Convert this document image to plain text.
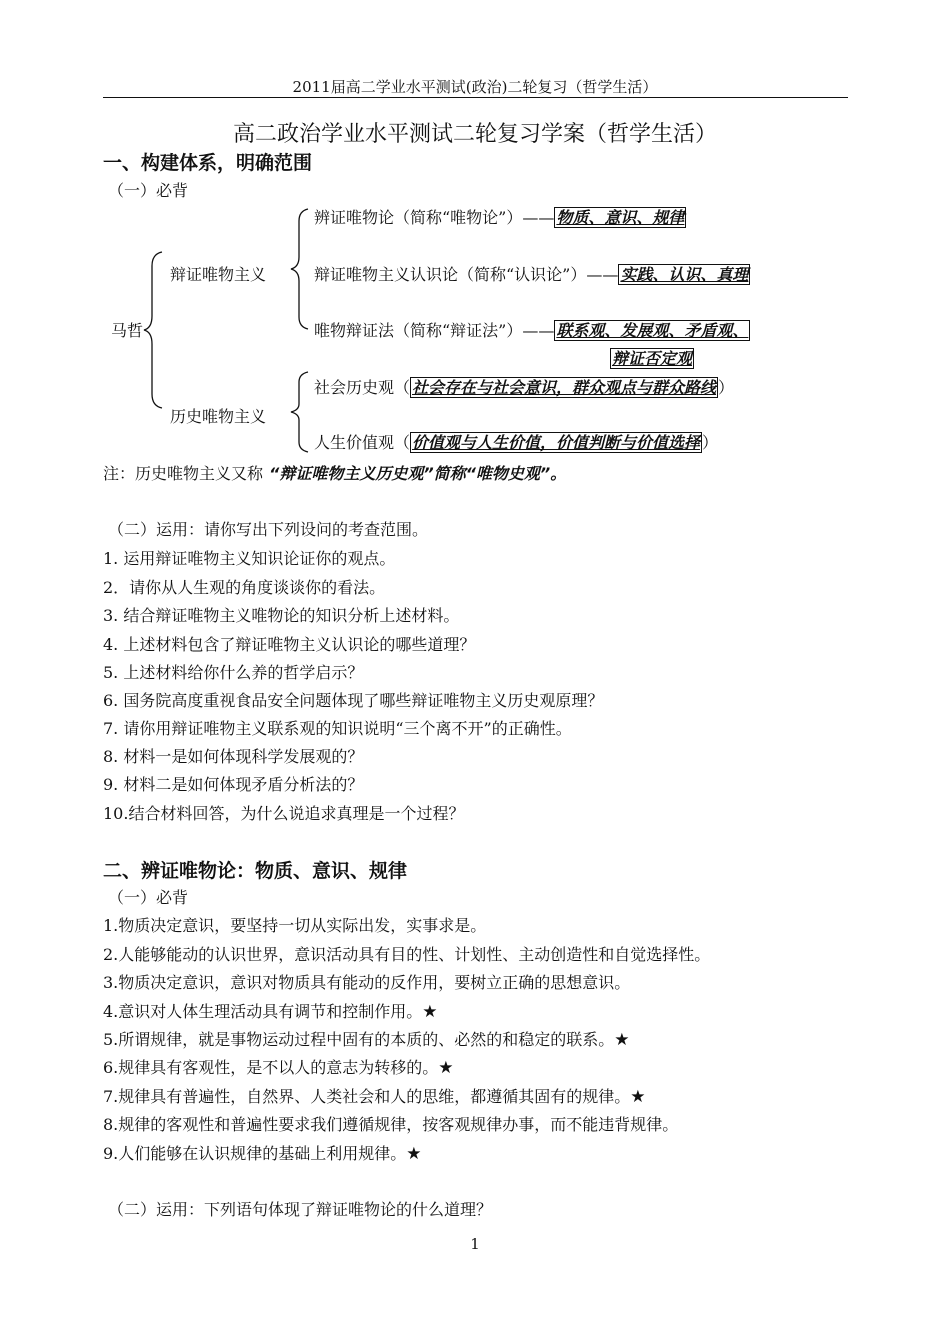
2011届高二学业水平测试(政治)二轮复习（哲学生活）
高二政治学业水平测试二轮复习学案（哲学生活）
一、构建体系，明确范围
（一）必背
马哲
辩证唯物主义
历史唯物主义
辨证唯物论（简称“唯物论”）—— 物质、意识、规律
辩证唯物主义认识论（简称“认识论”）—— 实践、认识、真理
唯物辩证法（简称“辩证法”）—— 联系观、发展观、矛盾观、
辩证否定观
社会历史观（ 社会存在与社会意识，群众观点与群众路线 ）
人生价值观（ 价值观与人生价值，价值判断与价值选择 ）
注：历史唯物主义又称 “辩证唯物主义历史观”简称“唯物史观”。
（二）运用：请你写出下列设问的考查范围。
1. 运用辩证唯物主义知识论证你的观点。
2．请你从人生观的角度谈谈你的看法。
3. 结合辩证唯物主义唯物论的知识分析上述材料。
4. 上述材料包含了辩证唯物主义认识论的哪些道理？
5. 上述材料给你什么养的哲学启示？
6. 国务院高度重视食品安全问题体现了哪些辩证唯物主义历史观原理？
7. 请你用辩证唯物主义联系观的知识说明“三个离不开”的正确性。
8. 材料一是如何体现科学发展观的？
9. 材料二是如何体现矛盾分析法的？
10.结合材料回答，为什么说追求真理是一个过程？
二、辨证唯物论：物质、意识、规律
（一）必背
1.物质决定意识，要坚持一切从实际出发，实事求是。
2.人能够能动的认识世界，意识活动具有目的性、计划性、主动创造性和自觉选择性。
3.物质决定意识，意识对物质具有能动的反作用，要树立正确的思想意识。
4.意识对人体生理活动具有调节和控制作用。★
5.所谓规律，就是事物运动过程中固有的本质的、必然的和稳定的联系。★
6.规律具有客观性，是不以人的意志为转移的。★
7.规律具有普遍性，自然界、人类社会和人的思维，都遵循其固有的规律。★
8.规律的客观性和普遍性要求我们遵循规律，按客观规律办事，而不能违背规律。
9.人们能够在认识规律的基础上利用规律。★
（二）运用：下列语句体现了辩证唯物论的什么道理？
1
